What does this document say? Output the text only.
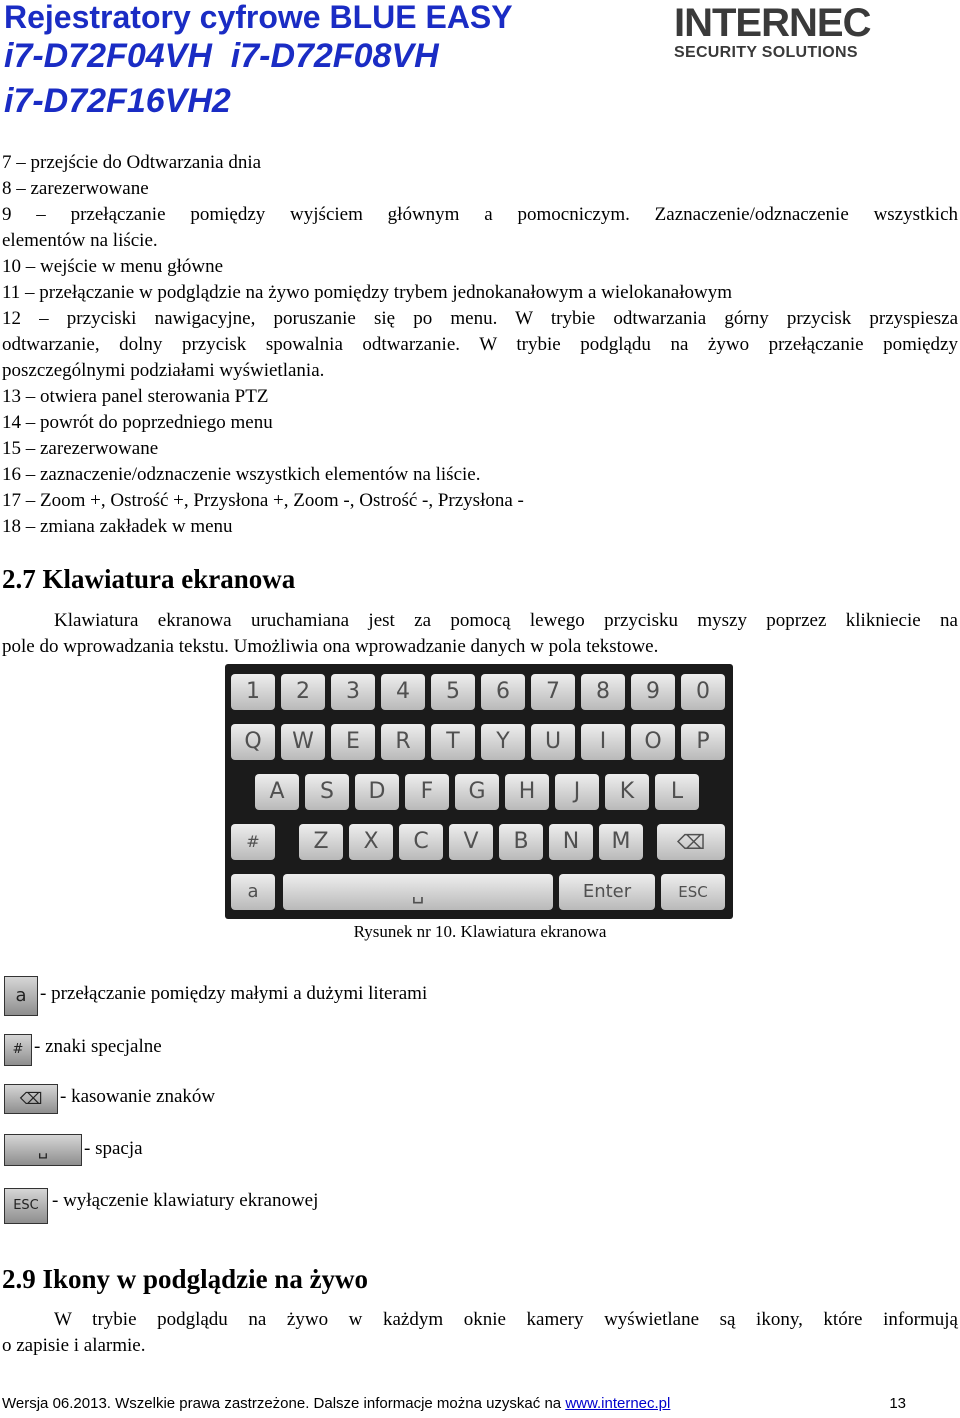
Rejestratory cyfrowe BLUE EASY
i7-D72F04VH  i7-D72F08VH
i7-D72F16VH2
INTERNEC
SECURITY SOLUTIONS
7 – przejście do Odtwarzania dnia
8 – zarezerwowane
9 – przełączanie pomiędzy wyjściem głównym a pomocniczym. Zaznaczenie/odznaczenie wszystkich
elementów na liście.
10 – wejście w menu główne
11 – przełączanie w podglądzie na żywo pomiędzy trybem jednokanałowym a wielokanałowym
12 – przyciski nawigacyjne, poruszanie się po menu. W trybie odtwarzania górny przycisk przyspiesza
odtwarzanie, dolny przycisk spowalnia odtwarzanie. W trybie podglądu na żywo przełączanie pomiędzy
poszczególnymi podziałami wyświetlania.
13 – otwiera panel sterowania PTZ
14 – powrót do poprzedniego menu
15 – zarezerwowane
16 – zaznaczenie/odznaczenie wszystkich elementów na liście.
17 – Zoom +, Ostrość +, Przysłona +, Zoom -, Ostrość -, Przysłona -
18 – zmiana zakładek w menu
2.7 Klawiatura ekranowa
Klawiatura ekranowa uruchamiana jest za pomocą lewego przycisku myszy poprzez klikniecie na
pole do wprowadzania tekstu. Umożliwia ona wprowadzanie danych w pola tekstowe.
1	2	3	4	5	6	7	8	9	0
Q	W	E	R	T	Y	U	I	O	P
A	S	D	F	G	H	J	K	L
#	Z	X	C	V	B	N	M	⌫
a	␣	Enter	ESC
Rysunek nr 10. Klawiatura ekranowa
a - przełączanie pomiędzy małymi a dużymi literami
# - znaki specjalne
⌫ - kasowanie znaków
␣	- spacja
ESC - wyłączenie klawiatury ekranowej
2.9 Ikony w podglądzie na żywo
W trybie podglądu na żywo w każdym oknie kamery wyświetlane są ikony, które informują
o zapisie i alarmie.
Wersja 06.2013. Wszelkie prawa zastrzeżone. Dalsze informacje można uzyskać na www.internec.pl	13
